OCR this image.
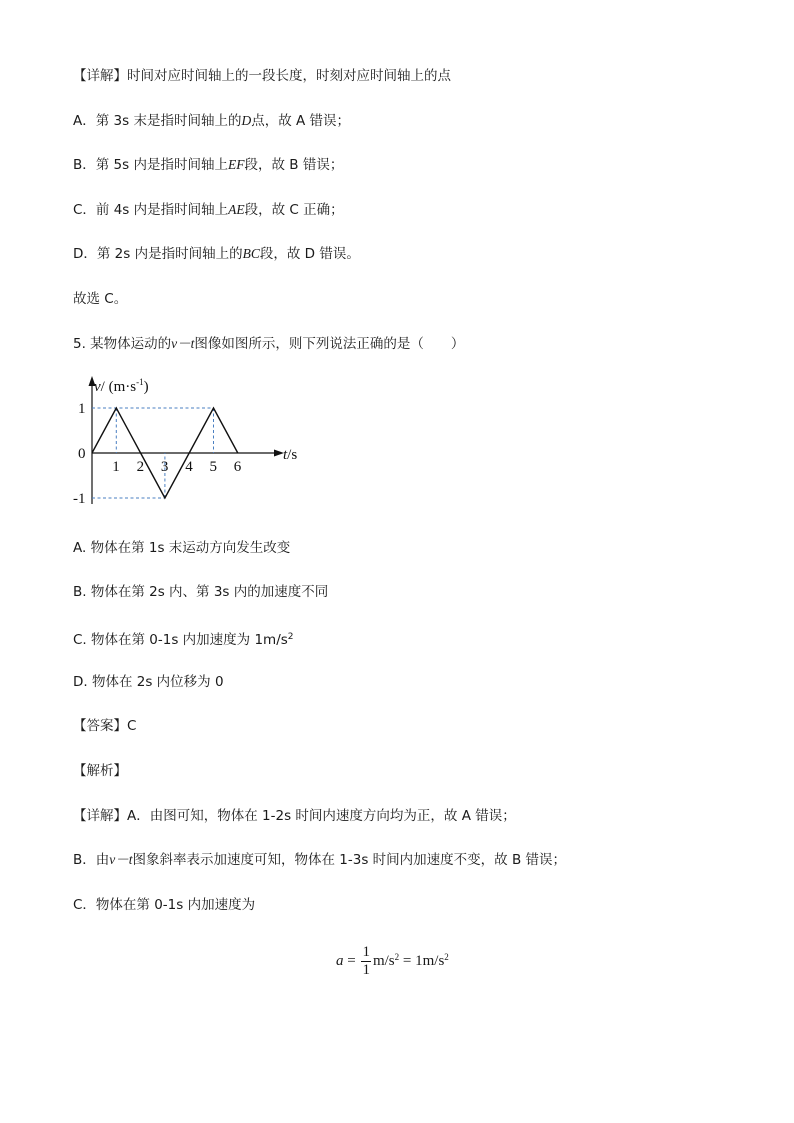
【详解】时间对应时间轴上的一段长度，时刻对应时间轴上的点
A．第 3s 末是指时间轴上的D点，故 A 错误；
B．第 5s 内是指时间轴上EF段，故 B 错误；
C．前 4s 内是指时间轴上AE段，故 C 正确；
D．第 2s 内是指时间轴上的BC段，故 D 错误。
故选 C。
5. 某物体运动的v－t图像如图所示，则下列说法正确的是（　　）
1 2 3 4 5 6
1
-1
0
v/ $(m\cdot s^{-1})$
t/s
A. 物体在第 1s 末运动方向发生改变
B. 物体在第 2s 内、第 3s 内的加速度不同
C. 物体在第 0-1s 内加速度为 $1m/s^2$
D. 物体在 2s 内位移为 0
【答案】C
【解析】
【详解】A．由图可知，物体在 1-2s 时间内速度方向均为正，故 A 错误；
B．由v－t图象斜率表示加速度可知，物体在 1-3s 时间内加速度不变，故 B 错误；
C．物体在第 0-1s 内加速度为
$a = \frac{1}{1} m/s^2 = 1m/s^2$
